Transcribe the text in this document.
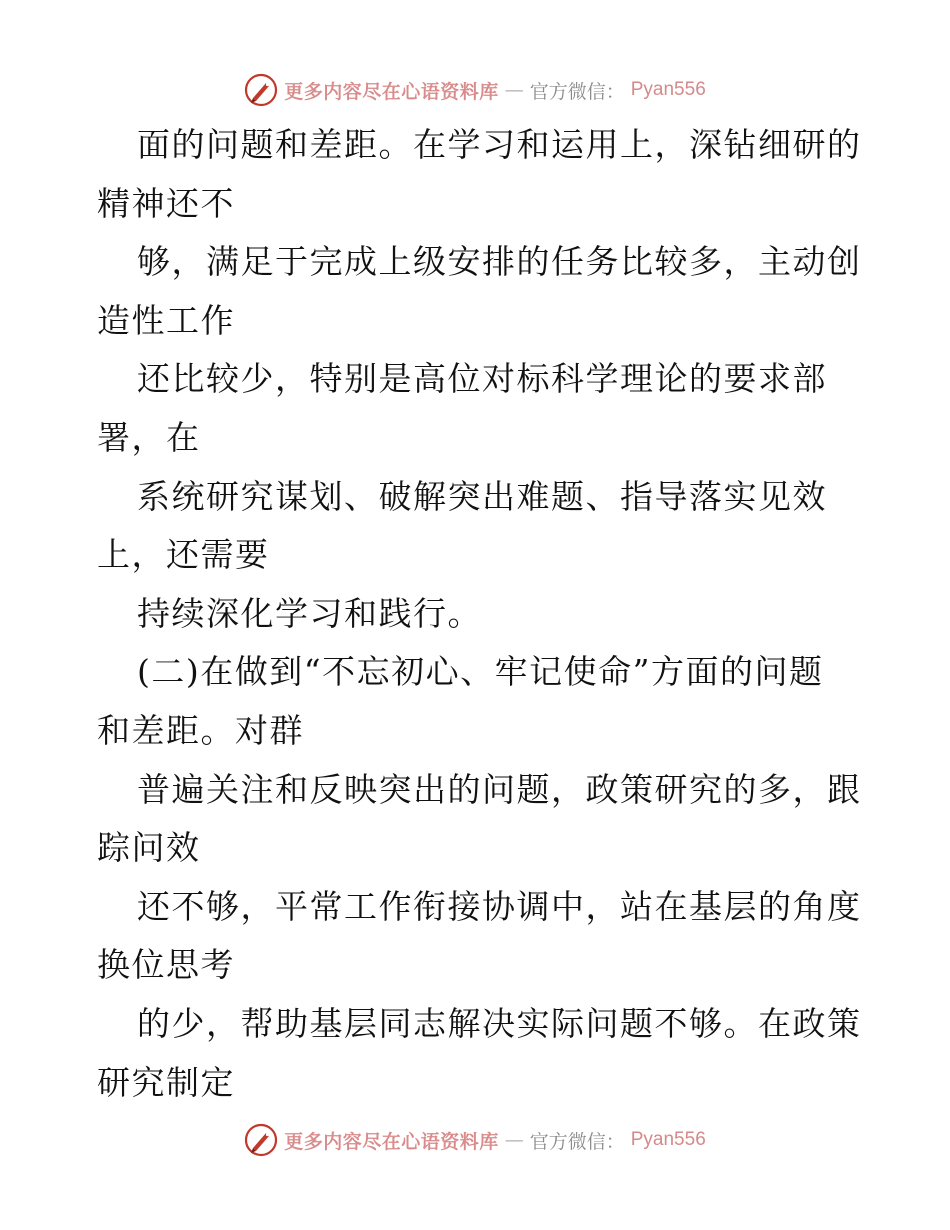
更多内容尽在心语资料库 — 官方微信： Pyan556
面的问题和差距。在学习和运用上，深钻细研的
精神还不
够，满足于完成上级安排的任务比较多，主动创
造性工作
还比较少，特别是高位对标科学理论的要求部
署，在
系统研究谋划、破解突出难题、指导落实见效
上，还需要
持续深化学习和践行。
(二)在做到“不忘初心、牢记使命”方面的问题
和差距。对群
普遍关注和反映突出的问题，政策研究的多，跟
踪问效
还不够，平常工作衔接协调中，站在基层的角度
换位思考
的少，帮助基层同志解决实际问题不够。在政策
研究制定
更多内容尽在心语资料库 — 官方微信： Pyan556
